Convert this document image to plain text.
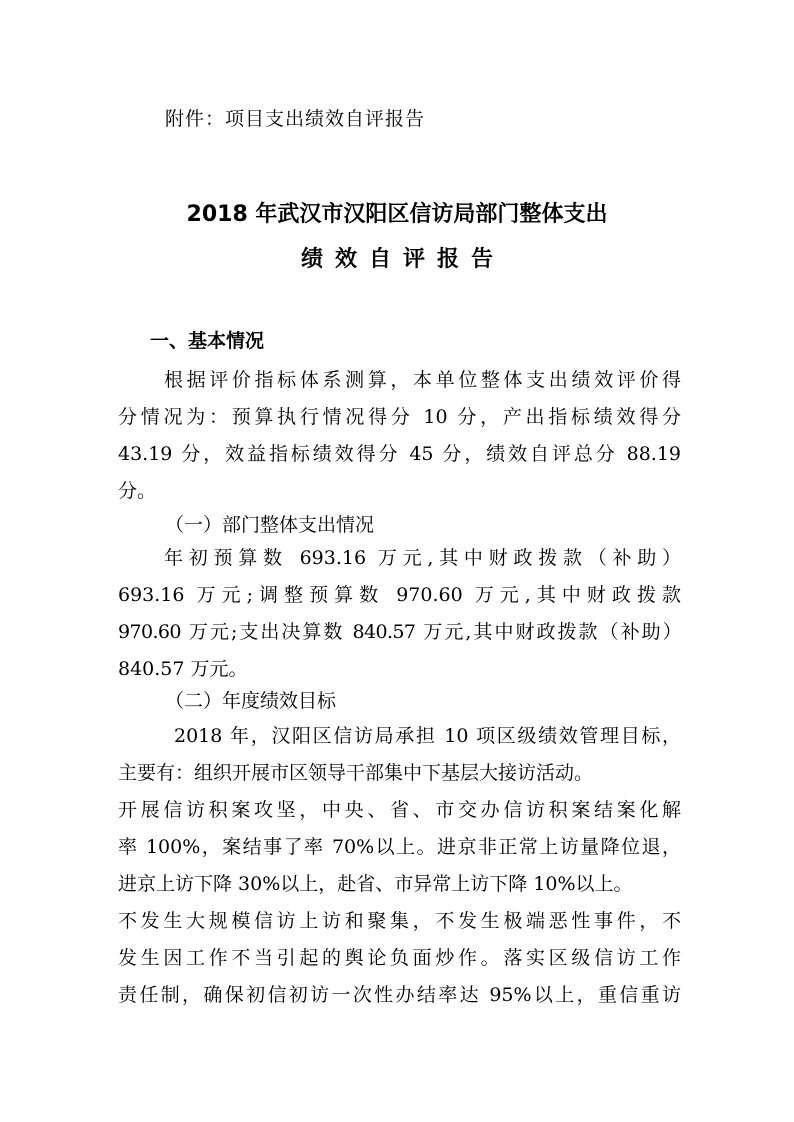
附件：项目支出绩效自评报告
2018 年武汉市汉阳区信访局部门整体支出
绩效自评报告
一、基本情况
根据评价指标体系测算，本单位整体支出绩效评价得
分情况为：预算执行情况得分 10 分，产出指标绩效得分
43.19 分，效益指标绩效得分 45 分，绩效自评总分 88.19
分。
（一）部门整体支出情况
年初预算数 693.16 万元,其中财政拨款（补助）
693.16 万元;调整预算数 970.60 万元,其中财政拨款
970.60 万元;支出决算数 840.57 万元,其中财政拨款（补助）
840.57 万元。
（二）年度绩效目标
2018 年，汉阳区信访局承担 10 项区级绩效管理目标，
主要有：组织开展市区领导干部集中下基层大接访活动。
开展信访积案攻坚，中央、省、市交办信访积案结案化解
率 100%，案结事了率 70%以上。进京非正常上访量降位退，
进京上访下降 30%以上，赴省、市异常上访下降 10%以上。
不发生大规模信访上访和聚集，不发生极端恶性事件，不
发生因工作不当引起的舆论负面炒作。落实区级信访工作
责任制，确保初信初访一次性办结率达 95%以上，重信重访
